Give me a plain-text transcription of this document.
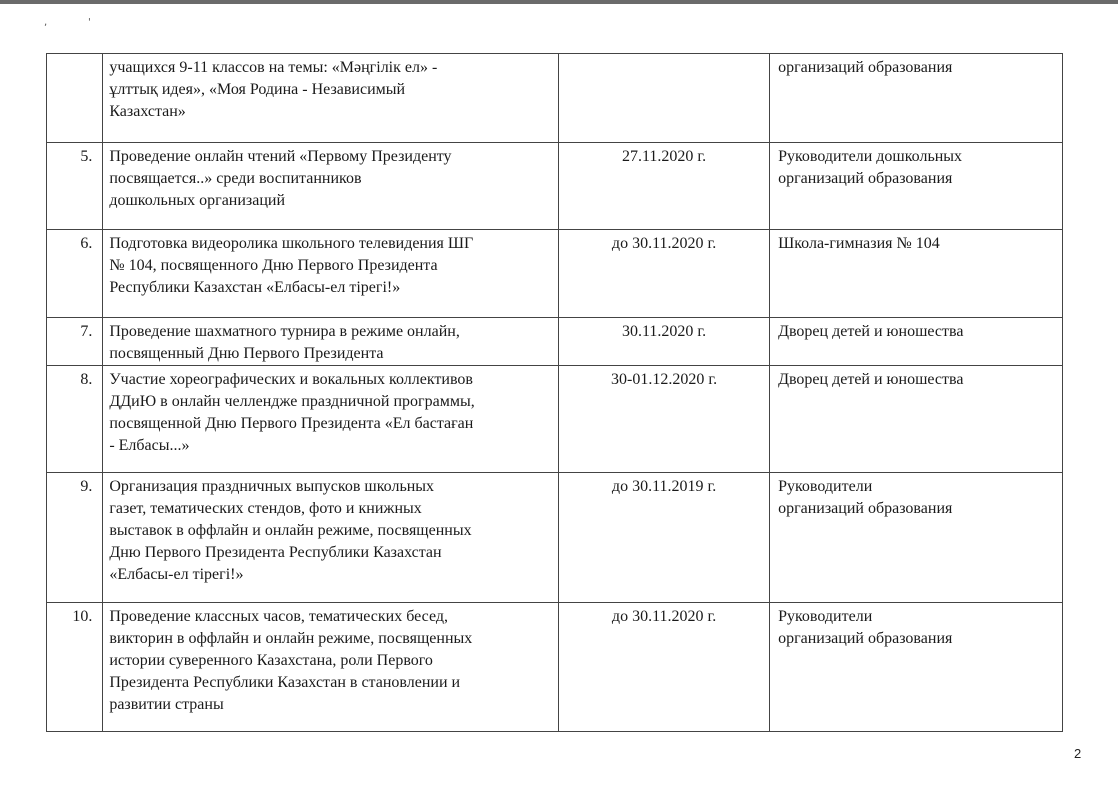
,	'

	учащихся 9-11 классов на темы: «Мәңгілік ел» -
ұлттық идея», «Моя Родина - Независимый
Казахстан»		организаций образования

5.	Проведение онлайн чтений «Первому Президенту
посвящается..» среди воспитанников
дошкольных организаций	27.11.2020 г.	Руководители дошкольных
организаций образования

6.	Подготовка видеоролика школьного телевидения ШГ
№ 104, посвященного Дню Первого Президента
Республики Казахстан «Елбасы-ел тірегі!»	до 30.11.2020 г.	Школа-гимназия № 104

7.	Проведение шахматного турнира в режиме онлайн,
посвященный Дню Первого Президента	30.11.2020 г.	Дворец детей и юношества

8.	Участие хореографических и вокальных коллективов
ДДиЮ в онлайн челлендже праздничной программы,
посвященной Дню Первого Президента «Ел бастаған
- Елбасы...»	30-01.12.2020 г.	Дворец детей и юношества

9.	Организация праздничных выпусков школьных
газет, тематических стендов, фото и книжных
выставок в оффлайн и онлайн режиме, посвященных
Дню Первого Президента Республики Казахстан
«Елбасы-ел тірегі!»	до 30.11.2019 г.	Руководители
организаций образования

10.	Проведение классных часов, тематических бесед,
викторин в оффлайн и онлайн режиме, посвященных
истории суверенного Казахстана, роли Первого
Президента Республики Казахстан в становлении и
развитии страны	до 30.11.2020 г.	Руководители
организаций образования
2
